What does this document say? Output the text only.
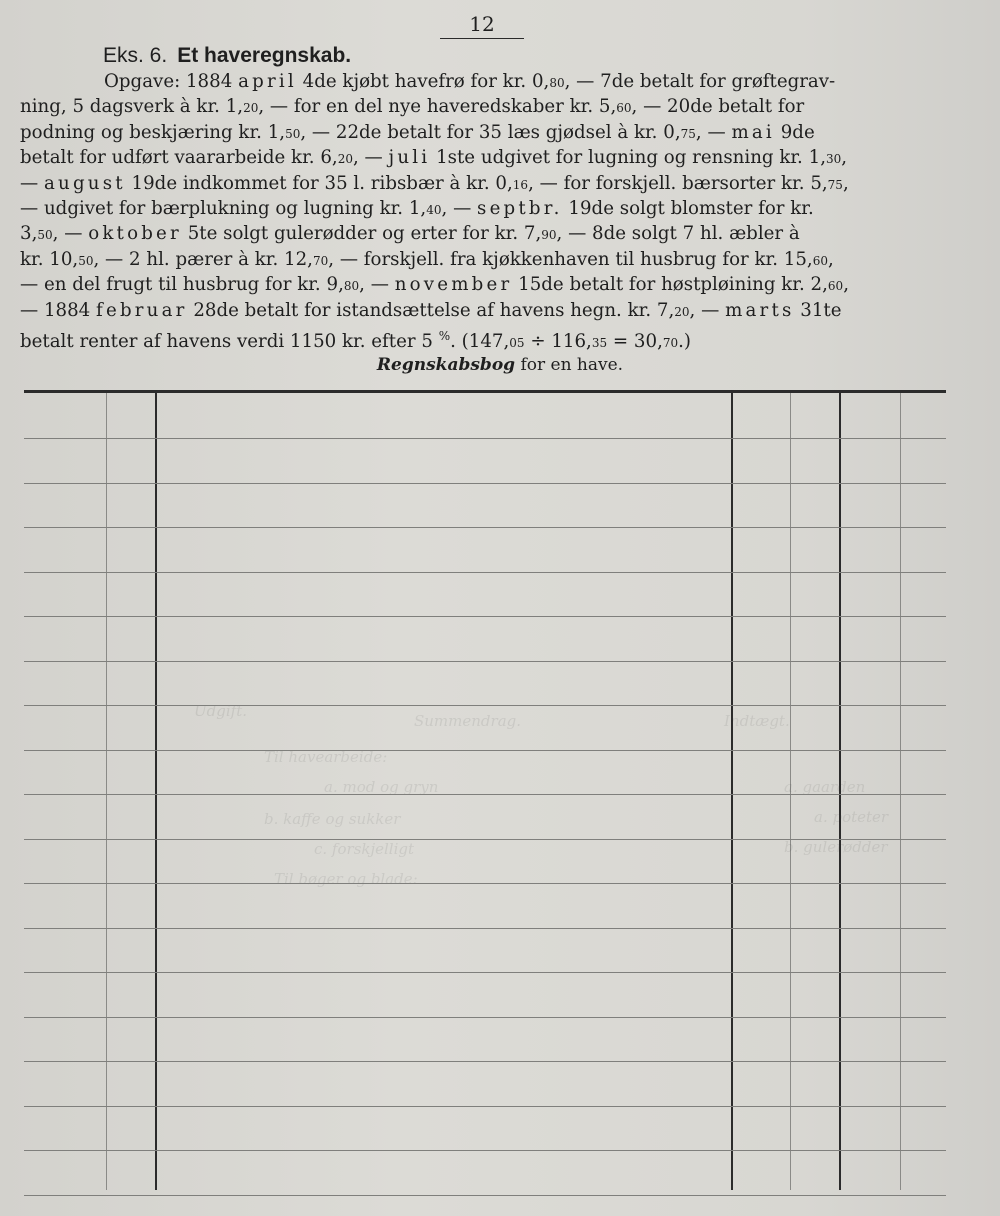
12
Eks. 6. Et haveregnskab.
Opgave: 1884 april 4de kjøbt havefrø for kr. 0,80, — 7de betalt for grøftegrav-
ning, 5 dagsverk à kr. 1,20, — for en del nye haveredskaber kr. 5,60, — 20de betalt for
podning og beskjæring kr. 1,50, — 22de betalt for 35 læs gjødsel à kr. 0,75, — mai 9de
betalt for udført vaararbeide kr. 6,20, — juli 1ste udgivet for lugning og rensning kr. 1,30,
— august 19de indkommet for 35 l. ribsbær à kr. 0,16, — for forskjell. bærsorter kr. 5,75,
— udgivet for bærplukning og lugning kr. 1,40, — septbr. 19de solgt blomster for kr.
3,50, — oktober 5te solgt gulerødder og erter for kr. 7,90, — 8de solgt 7 hl. æbler à
kr. 10,50, — 2 hl. pærer à kr. 12,70, — forskjell. fra kjøkkenhaven til husbrug for kr. 15,60,
— en del frugt til husbrug for kr. 9,80, — november 15de betalt for høstpløining kr. 2,60,
— 1884 februar 28de betalt for istandsættelse af havens hegn. kr. 7,20, — marts 31te
betalt renter af havens verdi 1150 kr. efter 5 %. (147,05 ÷ 116,35 = 30,70.)
Regnskabsbog for en have.
Summendrag.	Indtægt.
Udgift.
Til havearbeide:
a. mod og gryn
b. kaffe og sukker
c. forskjelligt
Til bøger og blade:
a. gaarden
a. poteter
b. gulerødder
